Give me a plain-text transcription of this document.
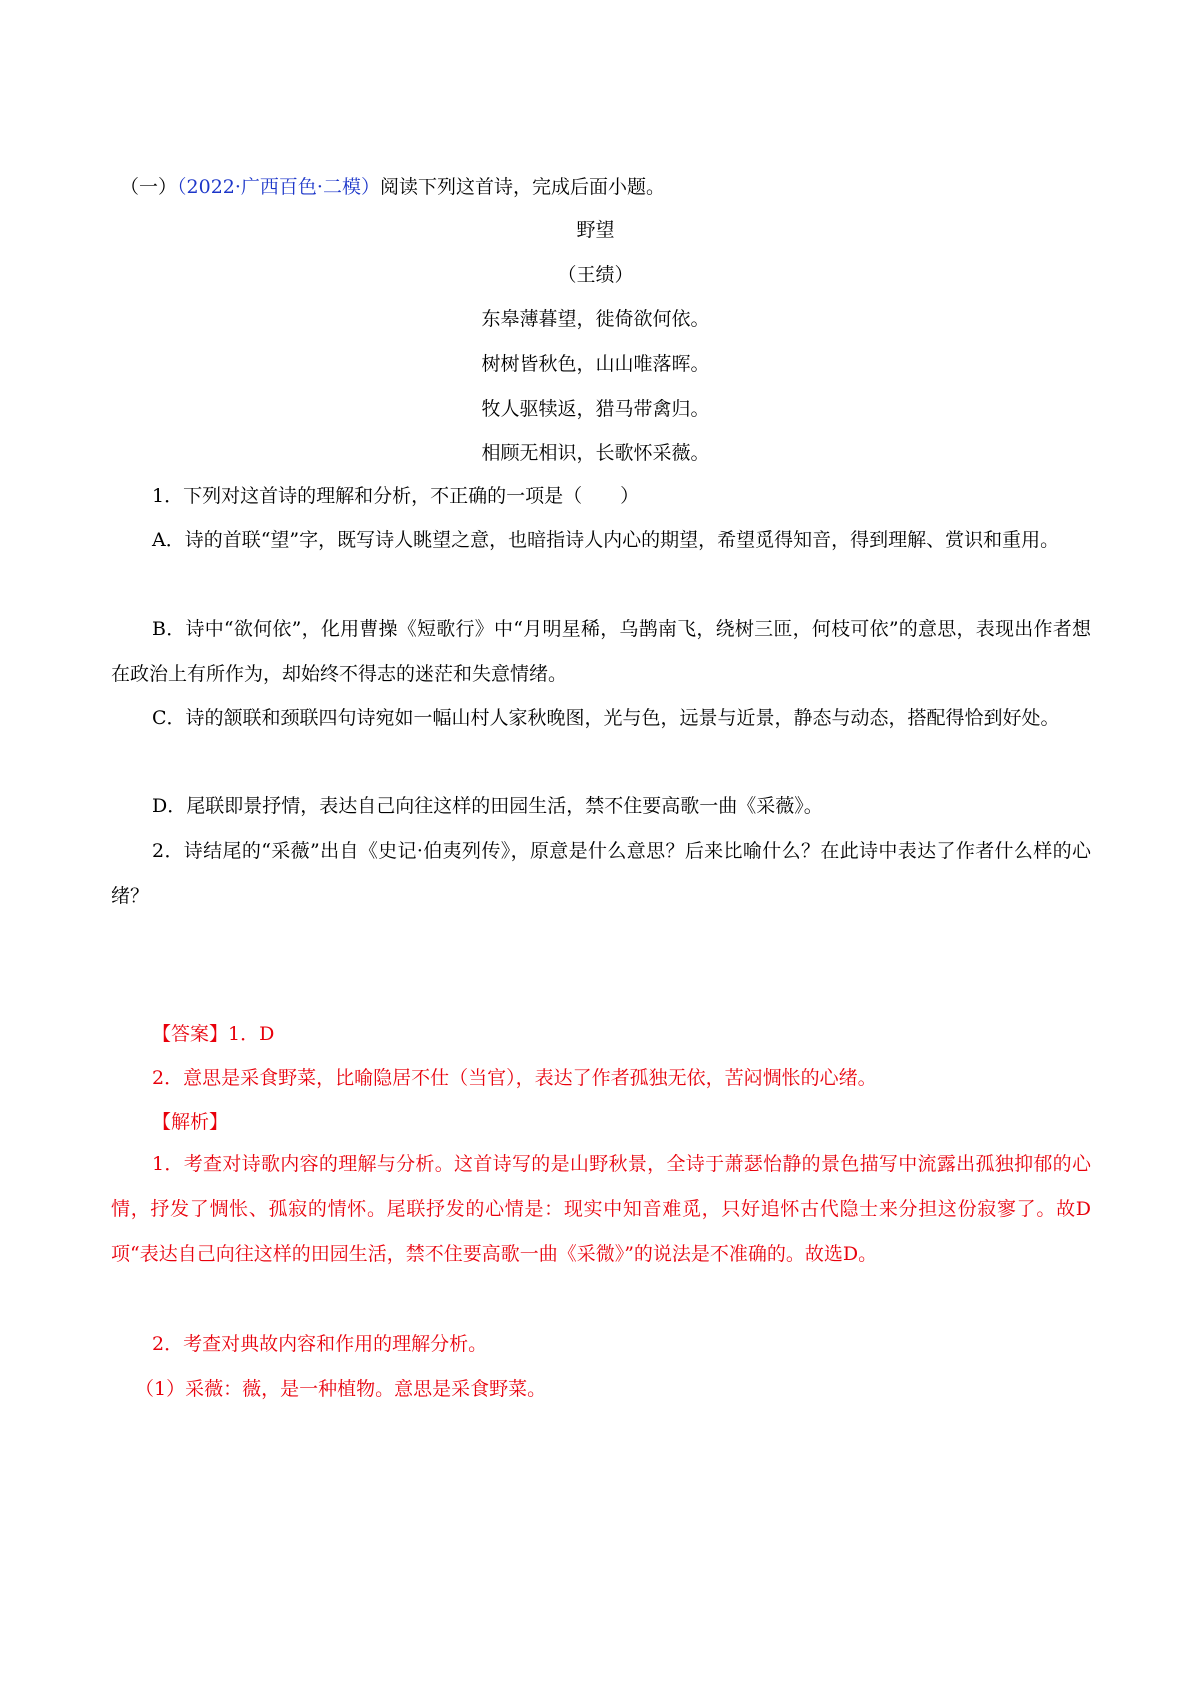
（一）（2022·广西百色·二模）阅读下列这首诗，完成后面小题。
野望
（王绩）
东皋薄暮望，徙倚欲何依。
树树皆秋色，山山唯落晖。
牧人驱犊返，猎马带禽归。
相顾无相识，长歌怀采薇。
1．下列对这首诗的理解和分析，不正确的一项是（　　）
A．诗的首联“望”字，既写诗人眺望之意，也暗指诗人内心的期望，希望觅得知音，得到理解、赏识和重用。
B．诗中“欲何依”，化用曹操《短歌行》中“月明星稀，乌鹊南飞，绕树三匝，何枝可依”的意思，表现出作者想在政治上有所作为，却始终不得志的迷茫和失意情绪。
C．诗的颔联和颈联四句诗宛如一幅山村人家秋晚图，光与色，远景与近景，静态与动态，搭配得恰到好处。
D．尾联即景抒情，表达自己向往这样的田园生活，禁不住要高歌一曲《采薇》。
2．诗结尾的“采薇”出自《史记·伯夷列传》，原意是什么意思？后来比喻什么？在此诗中表达了作者什么样的心绪？
【答案】1．D
2．意思是采食野菜，比喻隐居不仕（当官），表达了作者孤独无依，苦闷惆怅的心绪。
【解析】
1．考查对诗歌内容的理解与分析。这首诗写的是山野秋景，全诗于萧瑟怡静的景色描写中流露出孤独抑郁的心情，抒发了惆怅、孤寂的情怀。尾联抒发的心情是：现实中知音难觅，只好追怀古代隐士来分担这份寂寥了。故D项“表达自己向往这样的田园生活，禁不住要高歌一曲《采微》”的说法是不准确的。故选D。
2．考查对典故内容和作用的理解分析。
（1）采薇：薇，是一种植物。意思是采食野菜。
